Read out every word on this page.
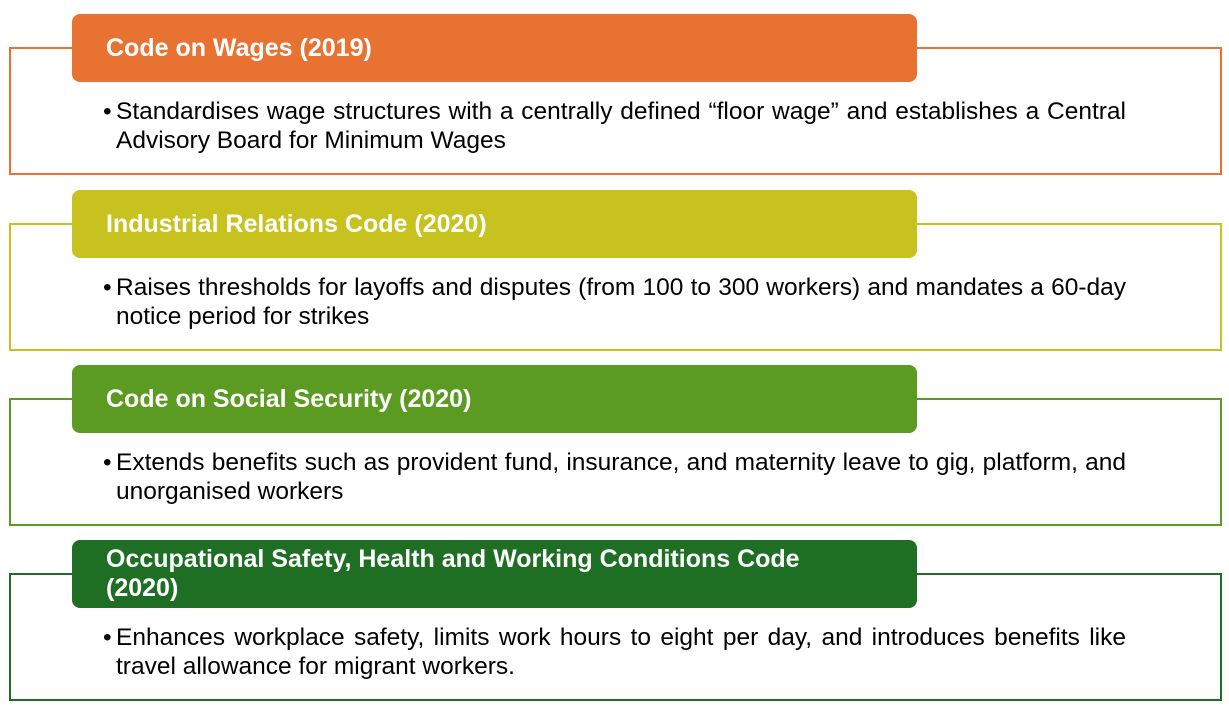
Code on Wages (2019)
• Standardises wage structures with a centrally defined “floor wage” and establishes a Central Advisory Board for Minimum Wages
Industrial Relations Code (2020)
• Raises thresholds for layoffs and disputes (from 100 to 300 workers) and mandates a 60-day notice period for strikes
Code on Social Security (2020)
• Extends benefits such as provident fund, insurance, and maternity leave to gig, platform, and unorganised workers
Occupational Safety, Health and Working Conditions Code (2020)
• Enhances workplace safety, limits work hours to eight per day, and introduces benefits like travel allowance for migrant workers.
